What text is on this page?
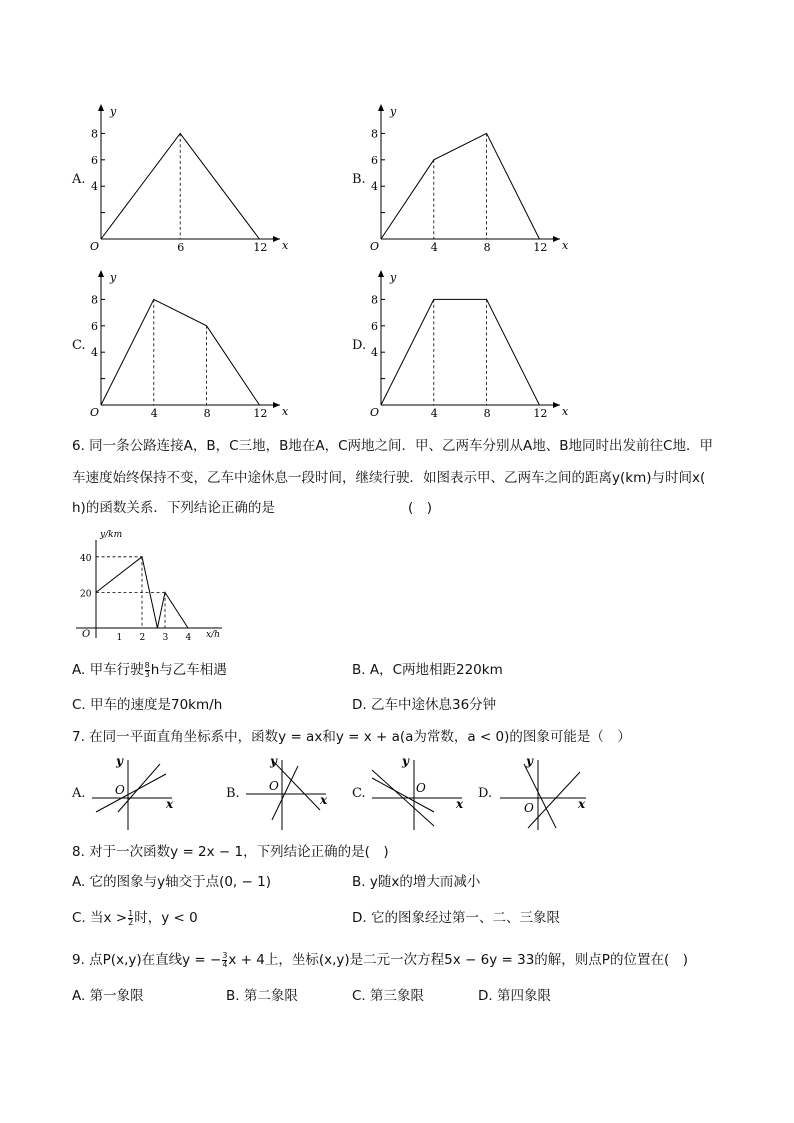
A.
x
y
O
8
6
4
6	12
B.
x
y
O
8
6
4
4	8	12
C.
x
y
O
8
6
4
4	8	12
D.
x
y
O
8
6
4
4	8	12
6. 同一条公路连接A，B，C三地，B地在A，C两地之间．甲、乙两车分别从A地、B地同时出发前往C地．甲
车速度始终保持不变，乙车中途休息一段时间，继续行驶．如图表示甲、乙两车之间的距离y(km)与时间x(
h)的函数关系．下列结论正确的是	(　)
y/km
x/h
O
40
20
1 2 3 4
A. 甲车行驶 $\frac{8}{3}$ h与乙车相遇	B. A，C两地相距220km
C. 甲车的速度是70km/h	D. 乙车中途休息36分钟
7. 在同一平面直角坐标系中，函数y = ax和y = x + a(a为常数，a < 0)的图象可能是（　）
A.
x
y
O	B.	x
y
O	C.
x
y
O	D.
x
y
O
8. 对于一次函数y = 2x − 1，下列结论正确的是(　)
A. 它的图象与y轴交于点(0, − 1)	B. y随x的增大而减小
C. 当$x > \frac{1}{2}$ 时，y < 0	D. 它的图象经过第一、二、三象限
9. 点P(x,y)在直线y = − $\frac{3}{4}$ x + 4上，坐标(x,y)是二元一次方程5x − 6y = 33的解，则点P的位置在(　)
A. 第一象限	B. 第二象限	C. 第三象限	D. 第四象限
